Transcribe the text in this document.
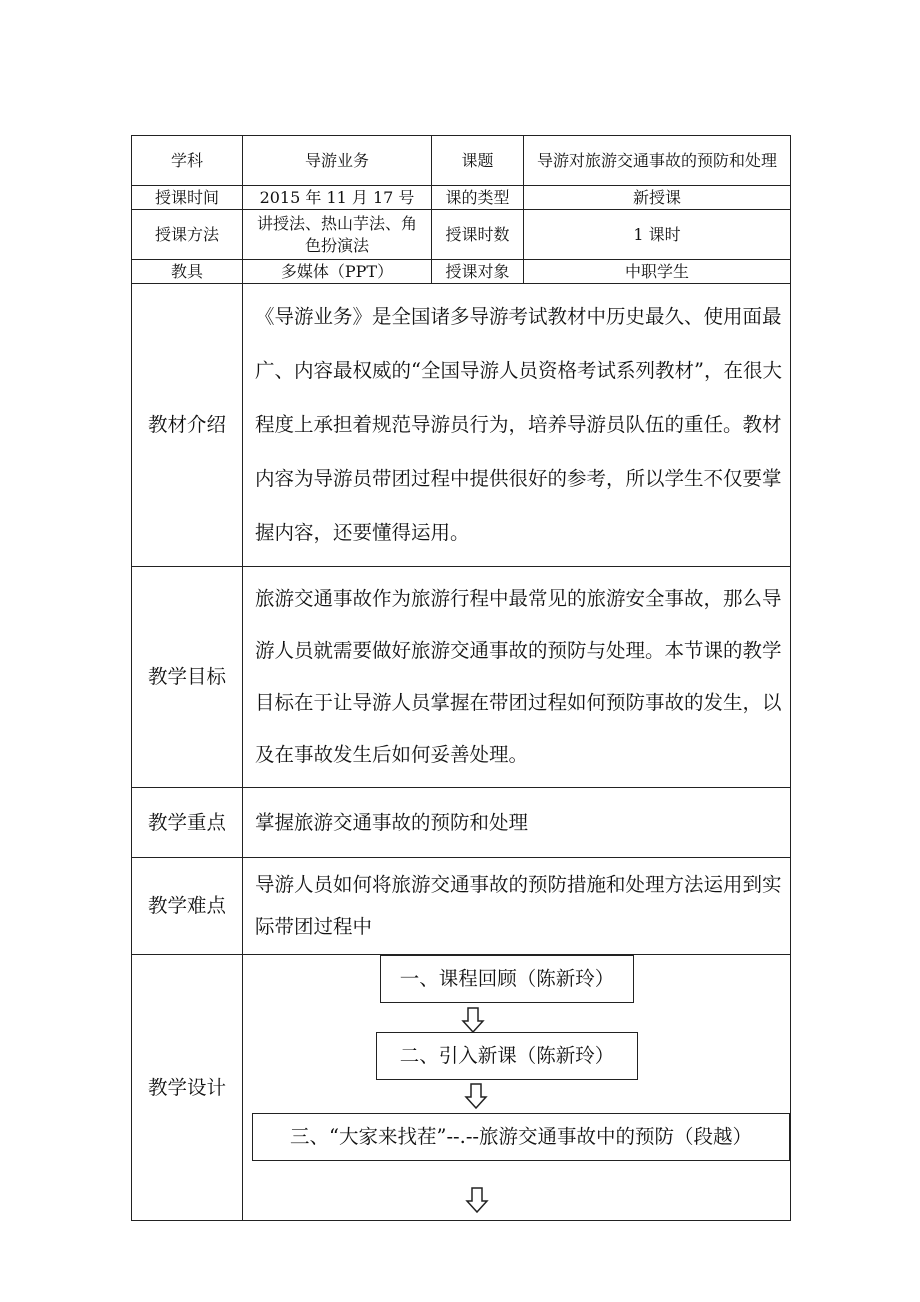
学科	导游业务	课题	导游对旅游交通事故的预防和处理
授课时间	2015 年 11 月 17 号	课的类型	新授课
授课方法	讲授法、热山芋法、角色扮演法	授课时数	1 课时
教具	多媒体（PPT）	授课对象	中职学生
教材介绍	《导游业务》是全国诸多导游考试教材中历史最久、使用面最广、内容最权威的“全国导游人员资格考试系列教材”，在很大程度上承担着规范导游员行为，培养导游员队伍的重任。教材内容为导游员带团过程中提供很好的参考，所以学生不仅要掌握内容，还要懂得运用。		
教学目标	旅游交通事故作为旅游行程中最常见的旅游安全事故，那么导游人员就需要做好旅游交通事故的预防与处理。本节课的教学目标在于让导游人员掌握在带团过程如何预防事故的发生，以及在事故发生后如何妥善处理。		
教学重点	掌握旅游交通事故的预防和处理		
教学难点	导游人员如何将旅游交通事故的预防措施和处理方法运用到实际带团过程中		
教学设计	一、课程回顾（陈新玲）
二、引入新课（陈新玲）
三、“大家来找茬”--.--旅游交通事故中的预防（段越）		
